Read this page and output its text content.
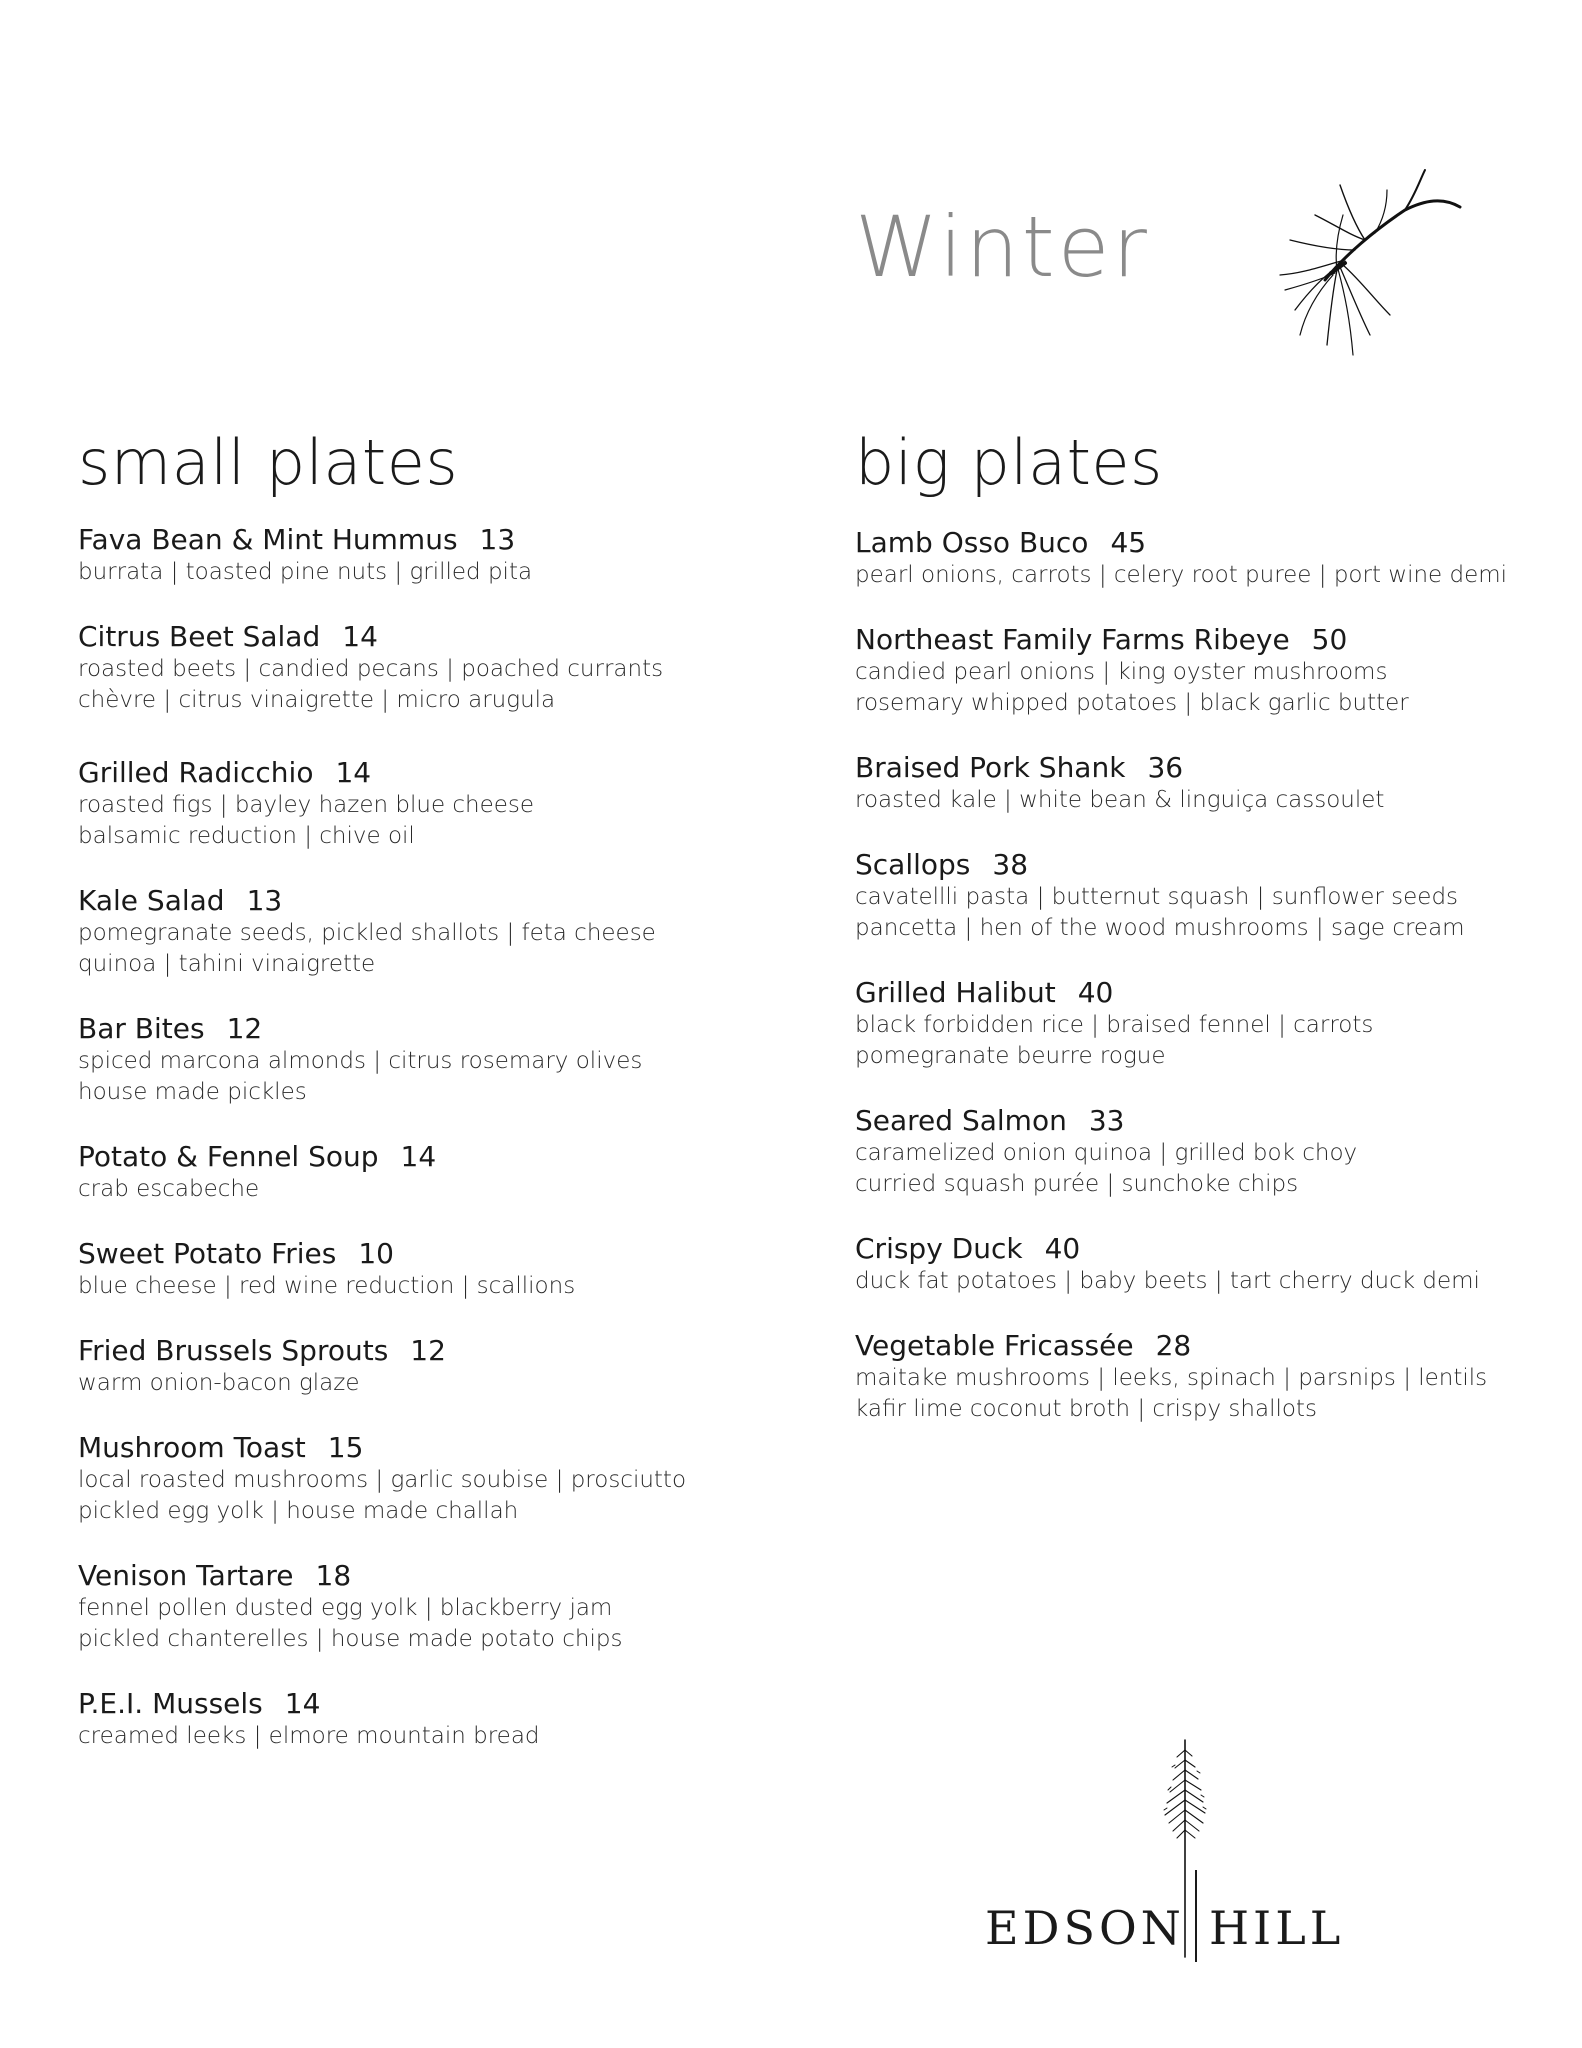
Winter
small plates	big plates
Fava Bean & Mint Hummus 13
burrata | toasted pine nuts | grilled pita
Citrus Beet Salad 14
roasted beets | candied pecans | poached currants
chèvre | citrus vinaigrette | micro arugula
Grilled Radicchio 14
roasted figs | bayley hazen blue cheese
balsamic reduction | chive oil
Kale Salad 13
pomegranate seeds, pickled shallots | feta cheese
quinoa | tahini vinaigrette
Bar Bites 12
spiced marcona almonds | citrus rosemary olives
house made pickles
Potato & Fennel Soup 14
crab escabeche
Sweet Potato Fries 10
blue cheese | red wine reduction | scallions
Fried Brussels Sprouts 12
warm onion-bacon glaze
Mushroom Toast 15
local roasted mushrooms | garlic soubise | prosciutto
pickled egg yolk | house made challah
Venison Tartare 18
fennel pollen dusted egg yolk | blackberry jam
pickled chanterelles | house made potato chips
P.E.I. Mussels 14
creamed leeks | elmore mountain bread
Lamb Osso Buco 45
pearl onions, carrots | celery root puree | port wine demi
Northeast Family Farms Ribeye 50
candied pearl onions | king oyster mushrooms
rosemary whipped potatoes | black garlic butter
Braised Pork Shank 36
roasted kale | white bean & linguiça cassoulet
Scallops 38
cavatellli pasta | butternut squash | sunflower seeds
pancetta | hen of the wood mushrooms | sage cream
Grilled Halibut 40
black forbidden rice | braised fennel | carrots
pomegranate beurre rogue
Seared Salmon 33
caramelized onion quinoa | grilled bok choy
curried squash purée | sunchoke chips
Crispy Duck 40
duck fat potatoes | baby beets | tart cherry duck demi
Vegetable Fricassée 28
maitake mushrooms | leeks, spinach | parsnips | lentils
kafir lime coconut broth | crispy shallots
EDSON HILL
